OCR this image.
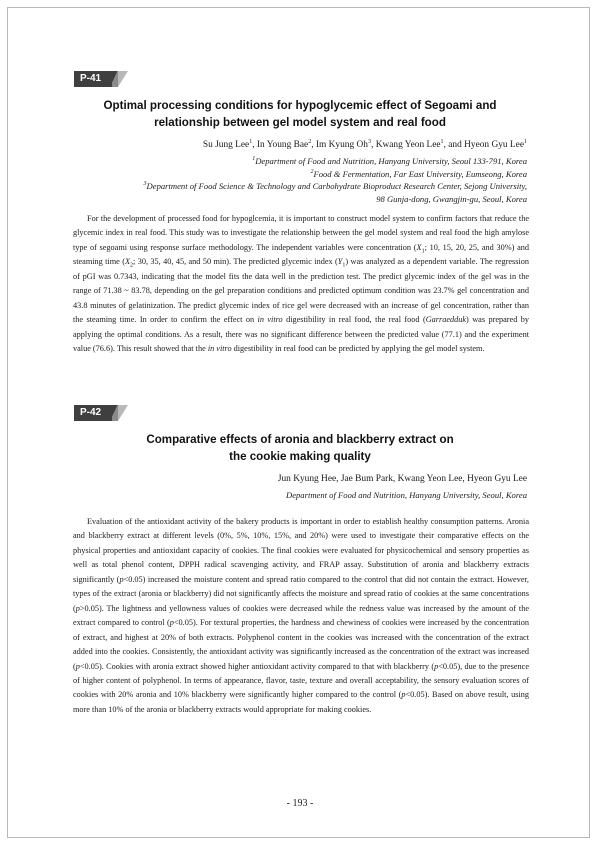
P-41
Optimal processing conditions for hypoglycemic effect of Segoami and
relationship between gel model system and real food
Su Jung Lee$^1$, In Young Bae$^2$, Im Kyung Oh$^3$, Kwang Yeon Lee$^1$, and Hyeon Gyu Lee$^1$
$^1$Department of Food and Nutrition, Hanyang University, Seoul 133-791, Korea
$^2$Food & Fermentation, Far East University, Eumseong, Korea
$^3$Department of Food Science & Technology and Carbohydrate Bioproduct Research Center, Sejong University,
98 Gunja-dong, Gwangjin-gu, Seoul, Korea
For the development of processed food for hypoglcemia, it is important to construct model system to confirm factors that reduce the glycemic index in real food. This study was to investigate the relationship between the gel model system and real food the high amylose type of segoami using response surface methodology. The independent variables were concentration ($X_1$; 10, 15, 20, 25, and 30%) and steaming time ($X_2$; 30, 35, 40, 45, and 50 min). The predicted glycemic index $(Y_1)$ was analyzed as a dependent variable. The regression of pGI was 0.7343, indicating that the model fits the data well in the prediction test. The predict glycemic index of the gel was in the range of 71.38 ~ 83.78, depending on the gel preparation conditions and predicted optimum condition was 23.7% gel concentration and 43.8 minutes of gelatinization. The predict glycemic index of rice gel were decreased with an increase of gel concentration, rather than the steaming time. In order to confirm the effect on in vitro digestibility in real food, the real food (Garraedduk) was prepared by applying the optimal conditions. As a result, there was no significant difference between the predicted value (77.1) and the experiment value (76.6). This result showed that the in vitro digestibility in real food can be predicted by applying the gel model system.
P-42
Comparative effects of aronia and blackberry extract on
the cookie making quality
Jun Kyung Hee, Jae Bum Park, Kwang Yeon Lee, Hyeon Gyu Lee
Department of Food and Nutrition, Hanyang University, Seoul, Korea
Evaluation of the antioxidant activity of the bakery products is important in order to establish healthy consumption patterns. Aronia and blackberry extract at different levels (0%, 5%, 10%, 15%, and 20%) were used to investigate their comparative effects on the physical properties and antioxidant capacity of cookies. The final cookies were evaluated for physicochemical and sensory properties as well as total phenol content, DPPH radical scavenging activity, and FRAP assay. Substitution of aronia and blackberry extracts significantly (p<0.05) increased the moisture content and spread ratio compared to the control that did not contain the extract. However, types of the extract (aronia or blackberry) did not significantly affects the moisture and spread ratio of cookies at the same concentrations (p>0.05). The lightness and yellowness values of cookies were decreased while the redness value was increased by the amount of the extract compared to control (p<0.05). For textural properties, the hardness and chewiness of cookies were increased by the concentration of extract, and highest at 20% of both extracts. Polyphenol content in the cookies was increased with the concentration of the extract added into the cookies. Consistently, the antioxidant activity was significantly increased as the concentration of the extract was increased (p<0.05). Cookies with aronia extract showed higher antioxidant activity compared to that with blackberry (p<0.05), due to the presence of higher content of polyphenol. In terms of appearance, flavor, taste, texture and overall acceptability, the sensory evaluation scores of cookies with 20% aronia and 10% blackberry were significantly higher compared to the control (p<0.05). Based on above result, using more than 10% of the aronia or blackberry extracts would appropriate for making cookies.
- 193 -
